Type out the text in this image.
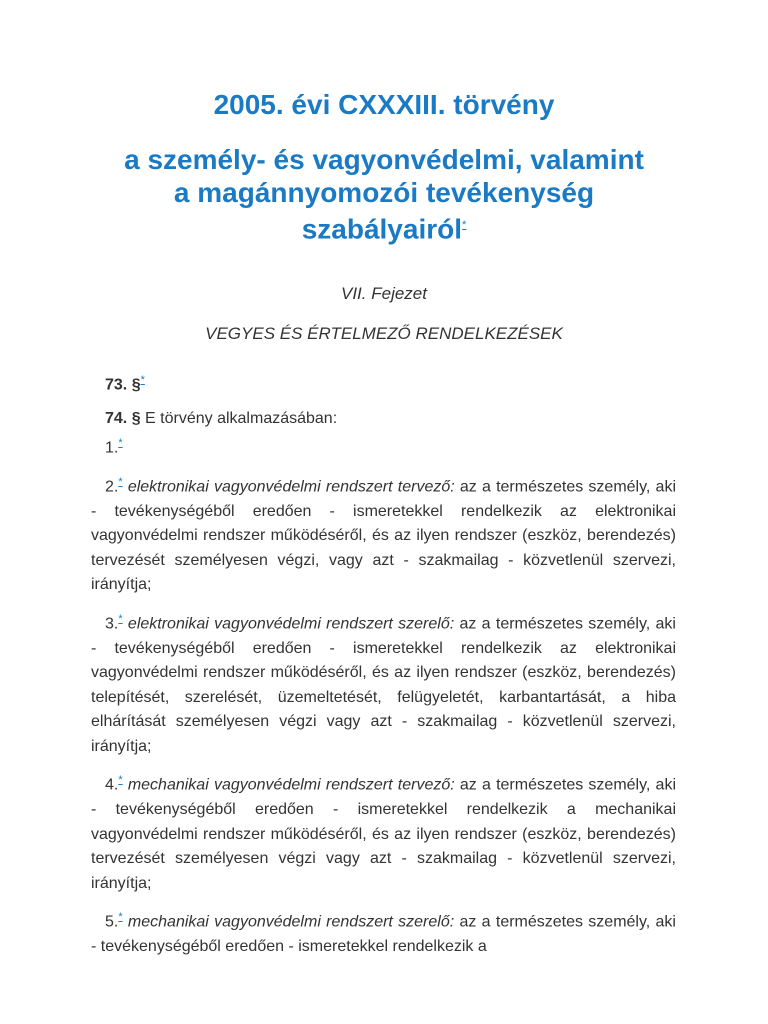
2005. évi CXXXIII. törvény
a személy- és vagyonvédelmi, valamint
a magánnyomozói tevékenység
szabályairól*
VII. Fejezet
VEGYES ÉS ÉRTELMEZŐ RENDELKEZÉSEK

73. §*

74. § E törvény alkalmazásában:

1.*

2.* elektronikai vagyonvédelmi rendszert tervező: az a természetes személy, aki - tevékenységéből eredően - ismeretekkel rendelkezik az elektronikai vagyonvédelmi rendszer működéséről, és az ilyen rendszer (eszköz, berendezés) tervezését személyesen végzi, vagy azt - szakmailag - közvetlenül szervezi, irányítja;

3.* elektronikai vagyonvédelmi rendszert szerelő: az a természetes személy, aki - tevékenységéből eredően - ismeretekkel rendelkezik az elektronikai vagyonvédelmi rendszer működéséről, és az ilyen rendszer (eszköz, berendezés) telepítését, szerelését, üzemeltetését, felügyeletét, karbantartását, a hiba elhárítását személyesen végzi vagy azt - szakmailag - közvetlenül szervezi, irányítja;

4.* mechanikai vagyonvédelmi rendszert tervező: az a természetes személy, aki - tevékenységéből eredően - ismeretekkel rendelkezik a mechanikai vagyonvédelmi rendszer működéséről, és az ilyen rendszer (eszköz, berendezés) tervezését személyesen végzi vagy azt - szakmailag - közvetlenül szervezi, irányítja;

5.* mechanikai vagyonvédelmi rendszert szerelő: az a természetes személy, aki - tevékenységéből eredően - ismeretekkel rendelkezik a
